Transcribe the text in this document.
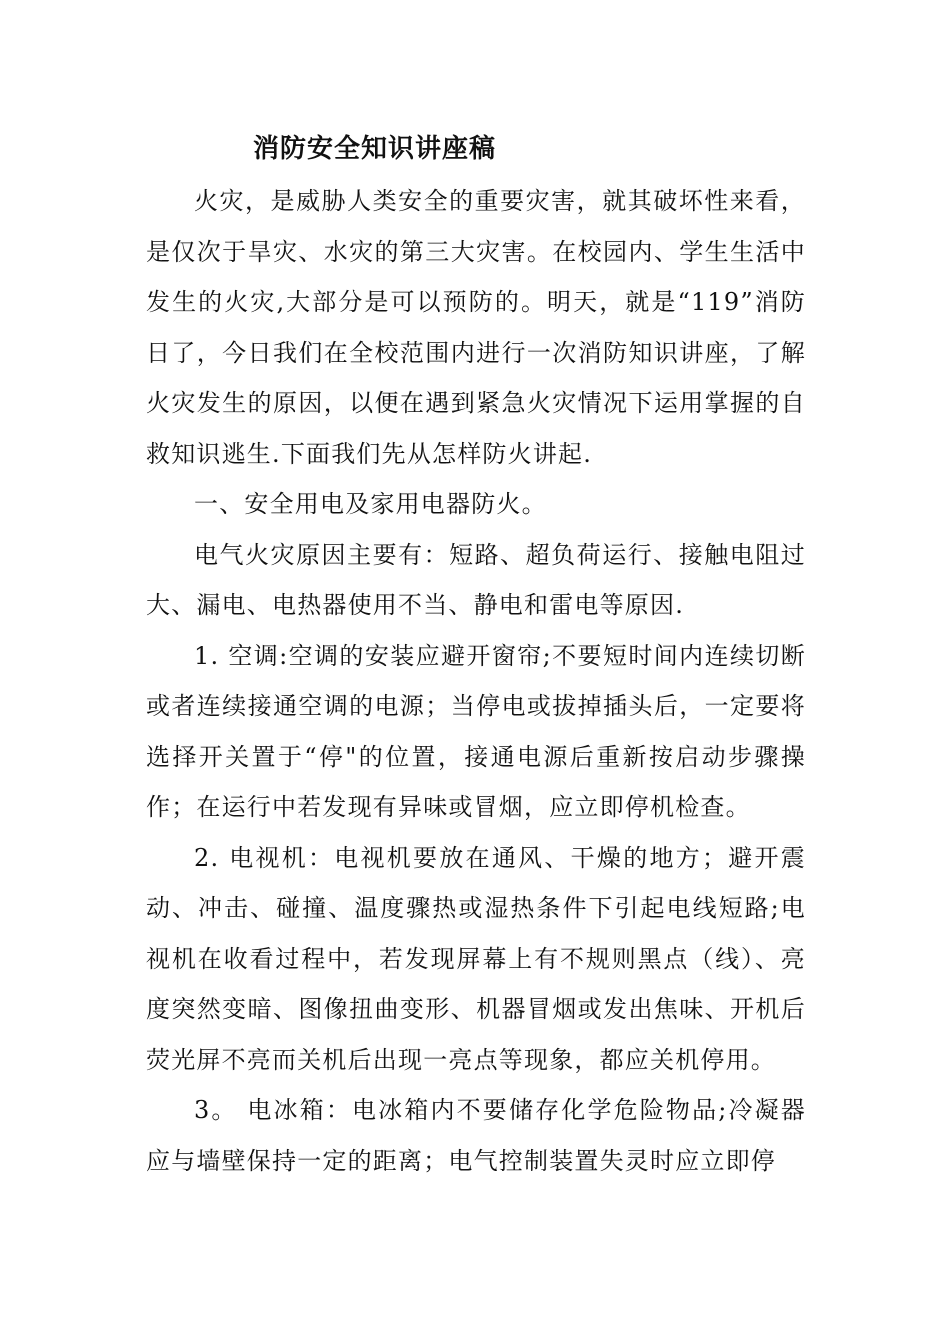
消防安全知识讲座稿

火灾，是威胁人类安全的重要灾害，就其破坏性来看，是仅次于旱灾、水灾的第三大灾害。在校园内、学生生活中发生的火灾,大部分是可以预防的。明天，就是“119”消防日了，今日我们在全校范围内进行一次消防知识讲座，了解火灾发生的原因，以便在遇到紧急火灾情况下运用掌握的自救知识逃生.下面我们先从怎样防火讲起.

一、安全用电及家用电器防火。

电气火灾原因主要有：短路、超负荷运行、接触电阻过大、漏电、电热器使用不当、静电和雷电等原因.

1. 空调:空调的安装应避开窗帘;不要短时间内连续切断或者连续接通空调的电源；当停电或拔掉插头后，一定要将选择开关置于“停"的位置，接通电源后重新按启动步骤操作；在运行中若发现有异味或冒烟，应立即停机检查。

2. 电视机：电视机要放在通风、干燥的地方；避开震动、冲击、碰撞、温度骤热或湿热条件下引起电线短路;电视机在收看过程中，若发现屏幕上有不规则黑点（线）、亮度突然变暗、图像扭曲变形、机器冒烟或发出焦味、开机后荧光屏不亮而关机后出现一亮点等现象，都应关机停用。

3。 电冰箱：电冰箱内不要储存化学危险物品;冷凝器应与墙壁保持一定的距离；电气控制装置失灵时应立即停
